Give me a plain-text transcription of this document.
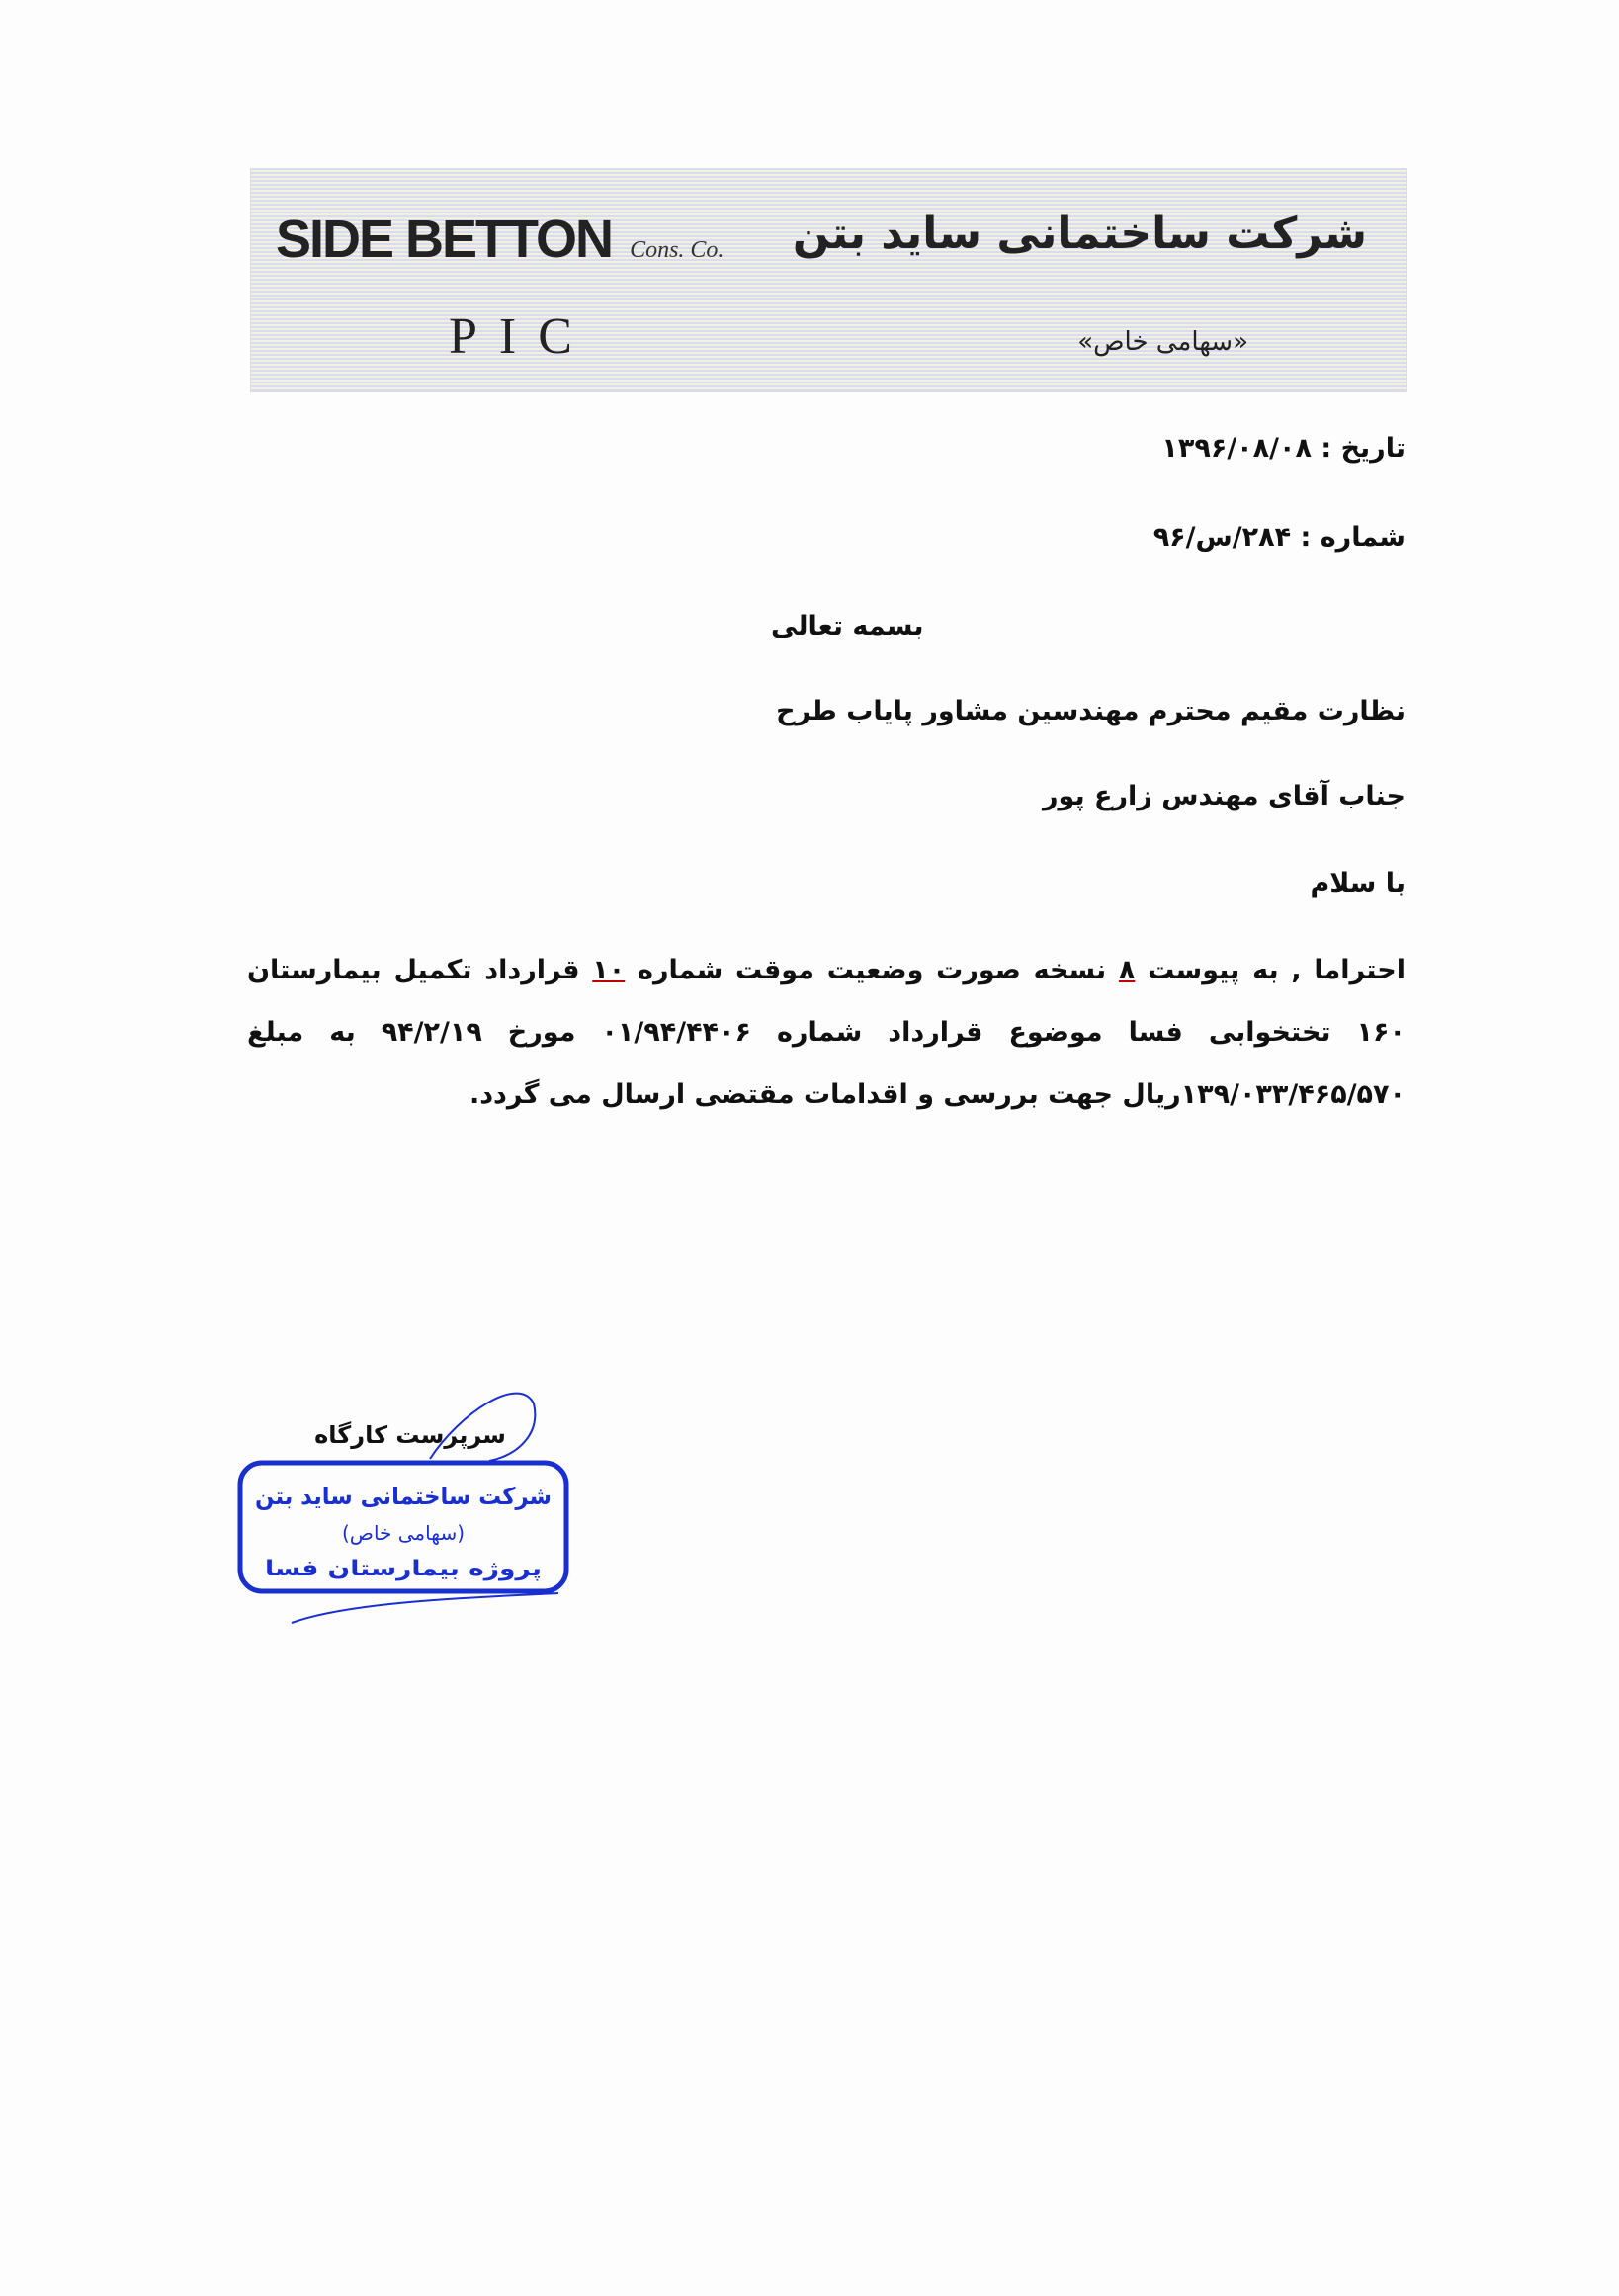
SIDE BETTON Cons. Co.
PIC
شرکت ساختمانی ساید بتن
«سهامی خاص»
تاریخ : ۱۳۹۶/۰۸/۰۸
شماره : ۲۸۴/س/۹۶
بسمه تعالی
نظارت مقیم محترم مهندسین مشاور پایاب طرح
جناب آقای مهندس زارع پور
با سلام
احتراما , به پیوست ۸ نسخه صورت وضعیت موقت شماره ۱۰ قرارداد تکمیل بیمارستان ۱۶۰ تختخوابی فسا موضوع قرارداد شماره ۰۱/۹۴/۴۴۰۶ مورخ ۹۴/۲/۱۹ به مبلغ ۱۳۹/۰۳۳/۴۶۵/۵۷۰ریال جهت بررسی و اقدامات مقتضی ارسال می گردد.
سرپرست کارگاه
شرکت ساختمانی ساید بتن
(سهامی خاص)
پروژه بیمارستان فسا
